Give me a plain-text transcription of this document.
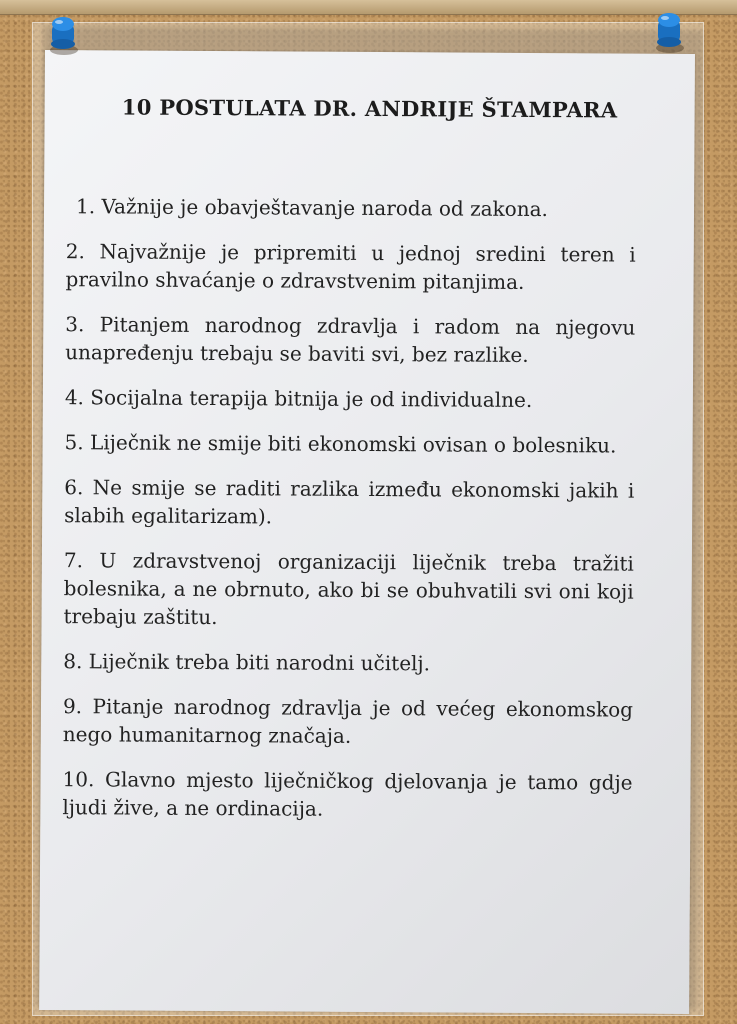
10 POSTULATA DR. ANDRIJE ŠTAMPARA
1. Važnije je obavještavanje naroda od zakona.
2. Najvažnije je pripremiti u jednoj sredini teren i pravilno shvaćanje o zdravstvenim pitanjima.
3. Pitanjem narodnog zdravlja i radom na njegovu unapređenju trebaju se baviti svi, bez razlike.
4. Socijalna terapija bitnija je od individualne.
5. Liječnik ne smije biti ekonomski ovisan o bolesniku.
6. Ne smije se raditi razlika između ekonomski jakih i slabih egalitarizam).
7. U zdravstvenoj organizaciji liječnik treba tražiti bolesnika, a ne obrnuto, ako bi se obuhvatili svi oni koji trebaju zaštitu.
8. Liječnik treba biti narodni učitelj.
9. Pitanje narodnog zdravlja je od većeg ekonomskog nego humanitarnog značaja.
10. Glavno mjesto liječničkog djelovanja je tamo gdje ljudi žive, a ne ordinacija.
